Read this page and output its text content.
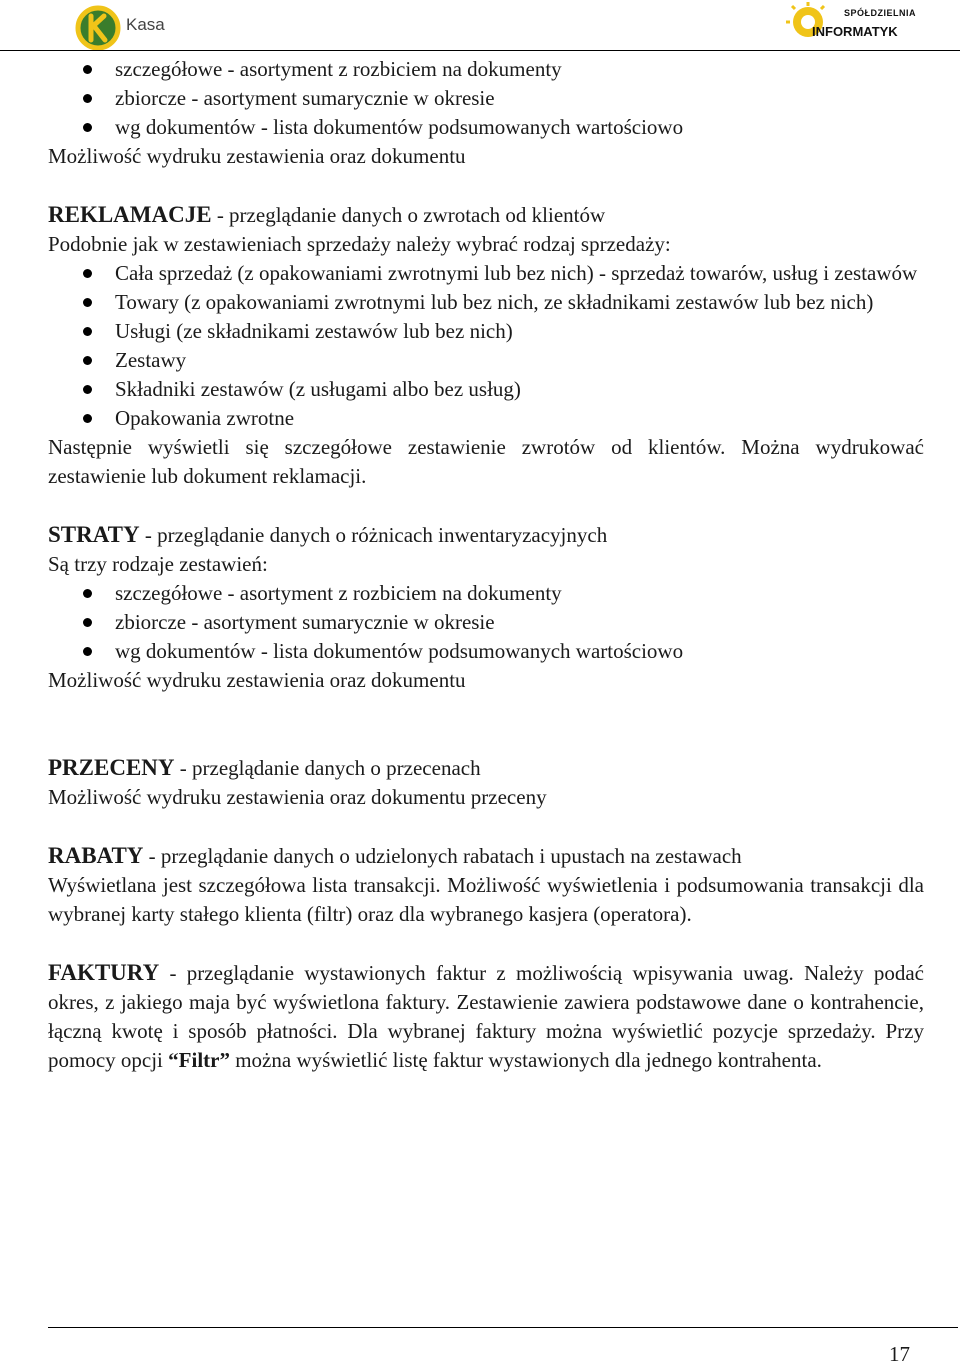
Kasa
SPÓŁDZIELNIA
INFORMATYK
szczegółowe - asortyment z rozbiciem na dokumenty
zbiorcze - asortyment sumarycznie w okresie
wg dokumentów - lista dokumentów podsumowanych wartościowo

Możliwość wydruku zestawienia oraz dokumentu

REKLAMACJE - przeglądanie danych o zwrotach od klientów

Podobnie jak w zestawieniach sprzedaży należy wybrać rodzaj sprzedaży:

Cała sprzedaż (z opakowaniami zwrotnymi lub bez nich) - sprzedaż towarów, usług i zestawów
Towary (z opakowaniami zwrotnymi lub bez nich, ze składnikami zestawów lub bez nich)
Usługi (ze składnikami zestawów lub bez nich)
Zestawy
Składniki zestawów (z usługami albo bez usług)
Opakowania zwrotne

Następnie wyświetli się szczegółowe zestawienie zwrotów od klientów. Można wydrukować zestawienie lub dokument reklamacji.

STRATY - przeglądanie danych o różnicach inwentaryzacyjnych

Są trzy rodzaje zestawień:

szczegółowe - asortyment z rozbiciem na dokumenty
zbiorcze - asortyment sumarycznie w okresie
wg dokumentów - lista dokumentów podsumowanych wartościowo

Możliwość wydruku zestawienia oraz dokumentu

PRZECENY - przeglądanie danych o przecenach

Możliwość wydruku zestawienia oraz dokumentu przeceny

RABATY - przeglądanie danych o udzielonych rabatach i upustach na zestawach

Wyświetlana jest szczegółowa lista transakcji. Możliwość wyświetlenia i podsumowania transakcji dla wybranej karty stałego klienta (filtr) oraz dla wybranego kasjera (operatora).

FAKTURY - przeglądanie wystawionych faktur z możliwością wpisywania uwag. Należy podać okres, z jakiego maja być wyświetlona faktury. Zestawienie zawiera podstawowe dane o kontrahencie, łączną kwotę i sposób płatności. Dla wybranej faktury można wyświetlić pozycje sprzedaży. Przy pomocy opcji “Filtr” można wyświetlić listę faktur wystawionych dla jednego kontrahenta.

17
